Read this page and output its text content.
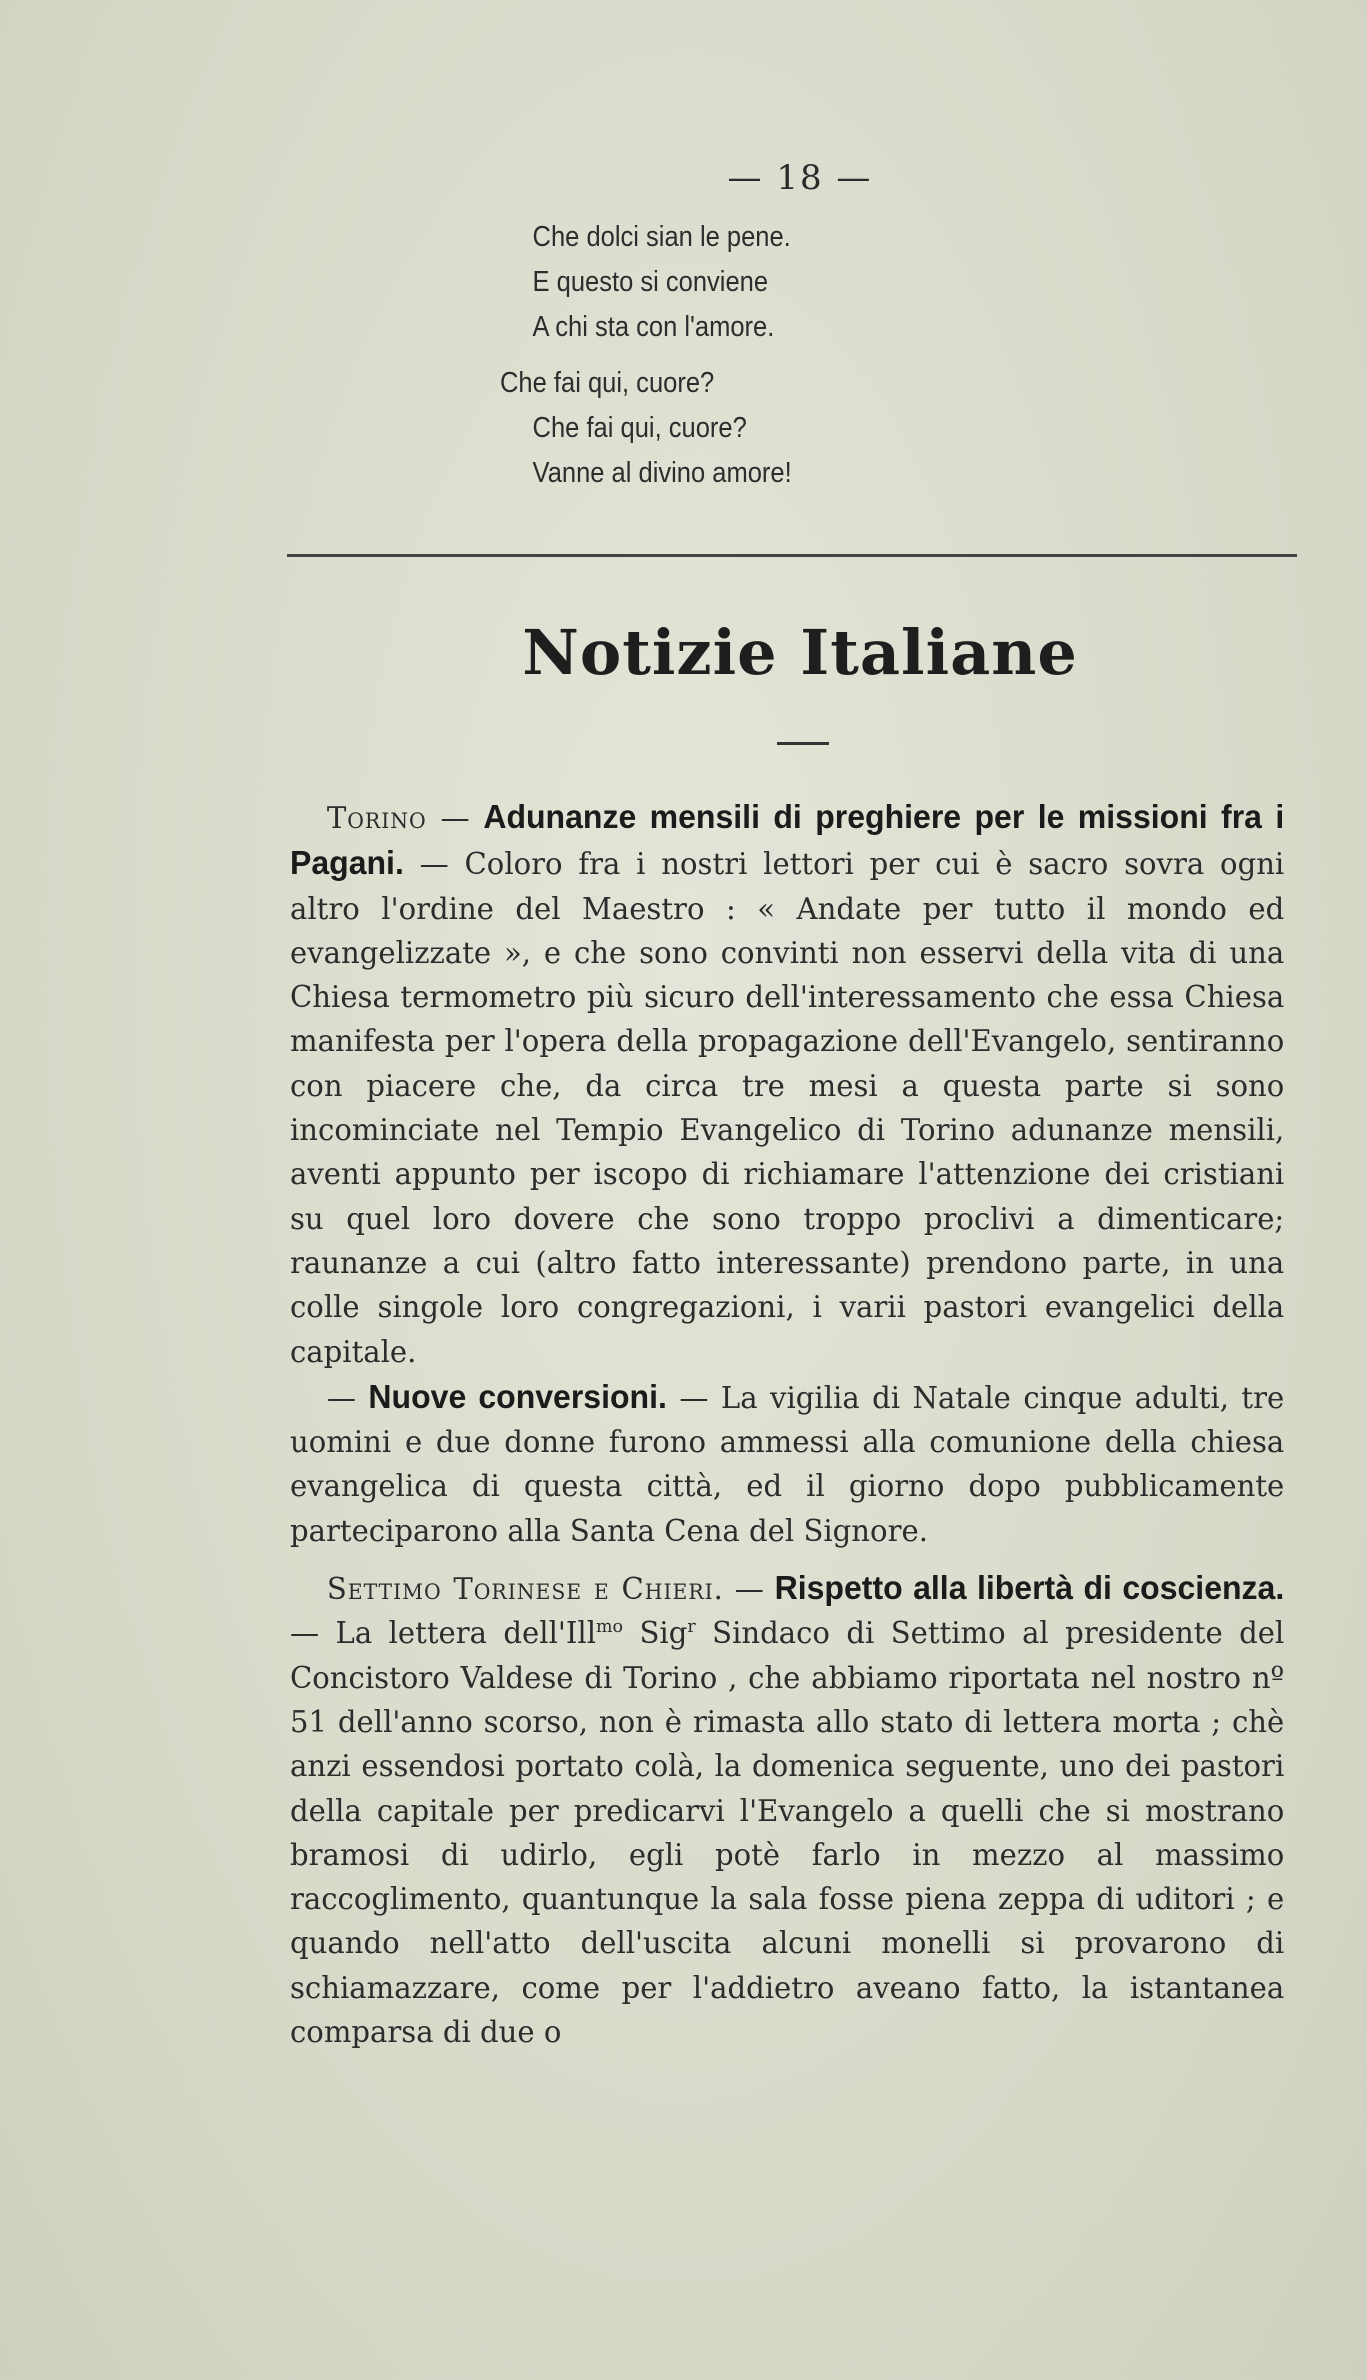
— 18 —
Che dolci sian le pene.
E questo si conviene
A chi sta con l'amore.
Che fai qui, cuore?
Che fai qui, cuore?
Vanne al divino amore!
Notizie Italiane

Torino — Adunanze mensili di preghiere per le missioni fra i Pagani. — Coloro fra i nostri lettori per cui è sacro sovra ogni altro l'ordine del Maestro : « Andate per tutto il mondo ed evangelizzate », e che sono convinti non esservi della vita di una Chiesa termometro più sicuro dell'interessamento che essa Chiesa manifesta per l'opera della propagazione dell'Evangelo, sentiranno con piacere che, da circa tre mesi a questa parte si sono incominciate nel Tempio Evangelico di Torino adunanze mensili, aventi appunto per iscopo di richiamare l'attenzione dei cristiani su quel loro dovere che sono troppo proclivi a dimenticare; raunanze a cui (altro fatto interessante) prendono parte, in una colle singole loro congregazioni, i varii pastori evangelici della capitale.

— Nuove conversioni. — La vigilia di Natale cinque adulti, tre uomini e due donne furono ammessi alla comunione della chiesa evangelica di questa città, ed il giorno dopo pubblicamente parteciparono alla Santa Cena del Signore.

Settimo Torinese e Chieri. — Rispetto alla libertà di coscienza. — La lettera dell'Ill$^{mo}$ Sig$^r$ Sindaco di Settimo al presidente del Concistoro Valdese di Torino , che abbiamo riportata nel nostro nº 51 dell'anno scorso, non è rimasta allo stato di lettera morta ; chè anzi essendosi portato colà, la domenica seguente, uno dei pastori della capitale per predicarvi l'Evangelo a quelli che si mostrano bramosi di udirlo, egli potè farlo in mezzo al massimo raccoglimento, quantunque la sala fosse piena zeppa di uditori ; e quando nell'atto dell'uscita alcuni monelli si provarono di schiamazzare, come per l'addietro aveano fatto, la istantanea comparsa di due o
